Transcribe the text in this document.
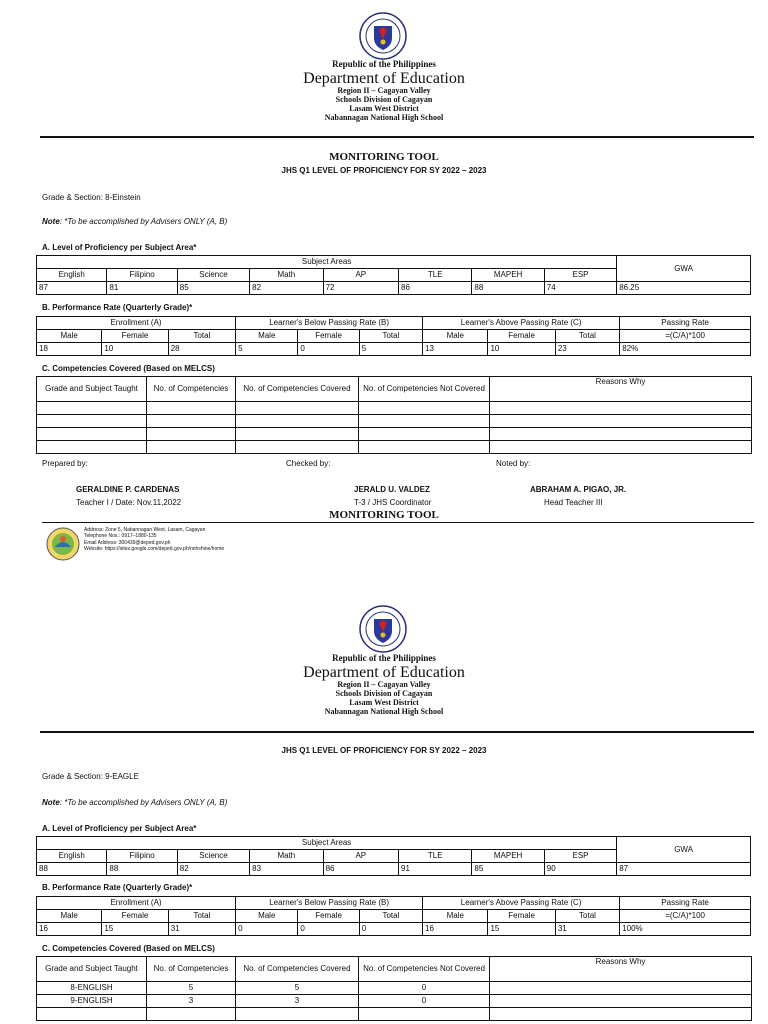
Republic of the Philippines
Department of Education
Region II – Cagayan Valley
Schools Division of Cagayan
Lasam West District
Nabannagan National High School
MONITORING TOOL
JHS Q1 LEVEL OF PROFICIENCY FOR SY 2022 – 2023
Grade & Section: 8-Einstein
Note: *To be accomplished by Advisers ONLY (A, B)
A. Level of Proficiency per Subject Area*
Subject Areas								GWA
English	Filipino	Science	Math	AP	TLE	MAPEH	ESP	
87	81	85	82	72	86	88	74	86.25
B. Performance Rate (Quarterly Grade)*
Enrollment (A)			Learner's Below Passing Rate (B)			Learner's Above Passing Rate (C)			Passing Rate
Male	Female	Total	Male	Female	Total	Male	Female	Total	=(C/A)*100
18	10	28	5	0	5	13	10	23	82%
C. Competencies Covered (Based on MELCS)
Grade and Subject Taught	No. of Competencies	No. of Competencies Covered	No. of Competencies Not Covered	Reasons Why

Prepared by:	Checked by:	Noted by:
GERALDINE P. CARDENAS
Teacher I / Date: Nov.11,2022
JERALD U. VALDEZ
T-3 / JHS Coordinator
ABRAHAM A. PIGAO, JR.
Head Teacher III
MONITORING TOOL
Address: Zone 5, Nabannagan West, Lasam, Cagayan
Telephone Nos.: 0917–1880-135
Email Address: 300439@deped.gov.ph
Website: https://sites.google.com/deped.gov.ph/nnhshine/home
Republic of the Philippines
Department of Education
Region II – Cagayan Valley
Schools Division of Cagayan
Lasam West District
Nabannagan National High School
JHS Q1 LEVEL OF PROFICIENCY FOR SY 2022 – 2023
Grade & Section: 9-EAGLE
Note: *To be accomplished by Advisers ONLY (A, B)
A. Level of Proficiency per Subject Area*
Subject Areas								GWA
English	Filipino	Science	Math	AP	TLE	MAPEH	ESP	
88	88	82	83	86	91	85	90	87
B. Performance Rate (Quarterly Grade)*
Enrollment (A)			Learner's Below Passing Rate (B)			Learner's Above Passing Rate (C)			Passing Rate
Male	Female	Total	Male	Female	Total	Male	Female	Total	=(C/A)*100
16	15	31	0	0	0	16	15	31	100%
C. Competencies Covered (Based on MELCS)
Grade and Subject Taught	No. of Competencies	No. of Competencies Covered	No. of Competencies Not Covered	Reasons Why
8-ENGLISH	5	5	0	
9-ENGLISH	3	3	0	
